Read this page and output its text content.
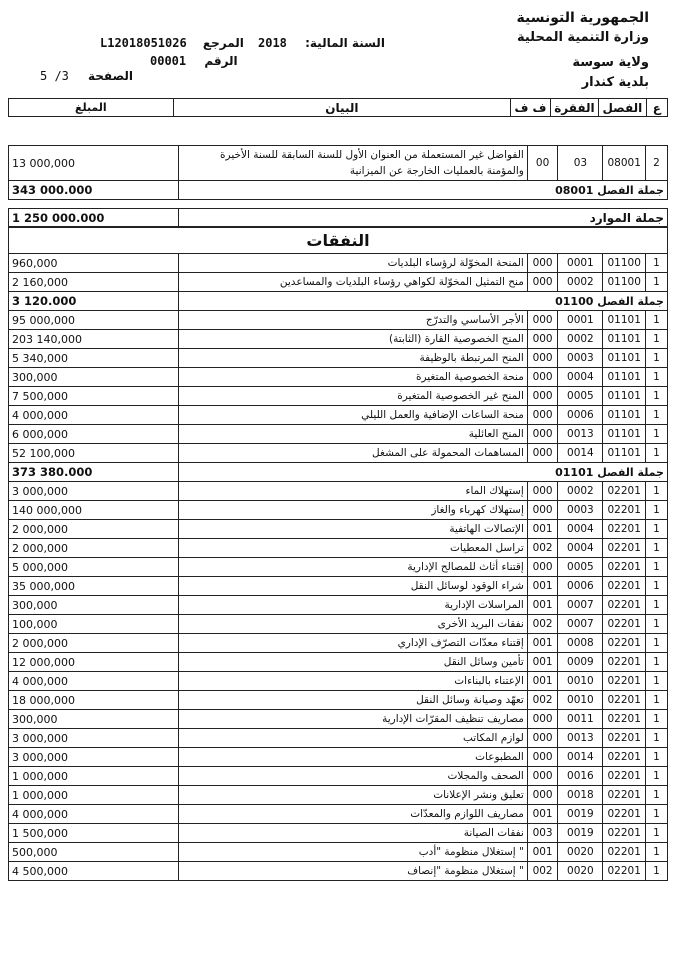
الجمهورية التونسية
وزارة التنمية المحلية
ولاية سوسة
بلدية كندار
السنة المالية: 2018
المرجع L12018051026
الرقم 00001
الصفحة
5 /3
المبلغ	البيان	ف ف	الفقرة	الفصل	ع
13 000,000	الفواضل غير المستعملة من العنوان الأول للسنة السابقة للسنة الأخيرة والمؤمنة بالعمليات الخارجة عن الميزانية	00	03	08001	2
343 000.000	جملة الفصل 08001				

1 250 000.000	جملة الموارد				
النفقات					
960,000	المنحة المخوّلة لرؤساء البلديات	000	0001	01100	1
2 160,000	منح التمثيل المخوّلة لكواهي رؤساء البلديات والمساعدين	000	0002	01100	1
3 120.000	جملة الفصل 01100				
95 000,000	الأجر الأساسي والتدرّج	000	0001	01101	1
203 140,000	المنح الخصوصية القارة (الثابتة)	000	0002	01101	1
5 340,000	المنح المرتبطة بالوظيفة	000	0003	01101	1
300,000	منحة الخصوصية المتغيرة	000	0004	01101	1
7 500,000	المنح غير الخصوصية المتغيرة	000	0005	01101	1
4 000,000	منحة الساعات الإضافية والعمل الليلي	000	0006	01101	1
6 000,000	المنح العائلية	000	0013	01101	1
52 100,000	المساهمات المحمولة على المشغل	000	0014	01101	1
373 380.000	جملة الفصل 01101				
3 000,000	إستهلاك الماء	000	0002	02201	1
140 000,000	إستهلاك كهرباء والغاز	000	0003	02201	1
2 000,000	الإتصالات الهاتفية	001	0004	02201	1
2 000,000	تراسل المعطيات	002	0004	02201	1
5 000,000	إقتناء أثاث للمصالح الإدارية	000	0005	02201	1
35 000,000	شراء الوقود لوسائل النقل	001	0006	02201	1
300,000	المراسلات الإدارية	001	0007	02201	1
100,000	نفقات البريد الأخرى	002	0007	02201	1
2 000,000	إقتناء معدّات التصرّف الإداري	001	0008	02201	1
12 000,000	تأمين وسائل النقل	001	0009	02201	1
4 000,000	الإعتناء بالبناءات	001	0010	02201	1
18 000,000	تعهّد وصيانة وسائل النقل	002	0010	02201	1
300,000	مصاريف تنظيف المقرّات الإدارية	000	0011	02201	1
3 000,000	لوازم المكاتب	000	0013	02201	1
3 000,000	المطبوعات	000	0014	02201	1
1 000,000	الصحف والمجلات	000	0016	02201	1
1 000,000	تعليق ونشر الإعلانات	000	0018	02201	1
4 000,000	مصاريف اللوازم والمعدّات	001	0019	02201	1
1 500,000	نفقات الصيانة	003	0019	02201	1
500,000	" إستغلال منظومة "أدب	001	0020	02201	1
4 500,000	" إستغلال منظومة "إنصاف	002	0020	02201	1
